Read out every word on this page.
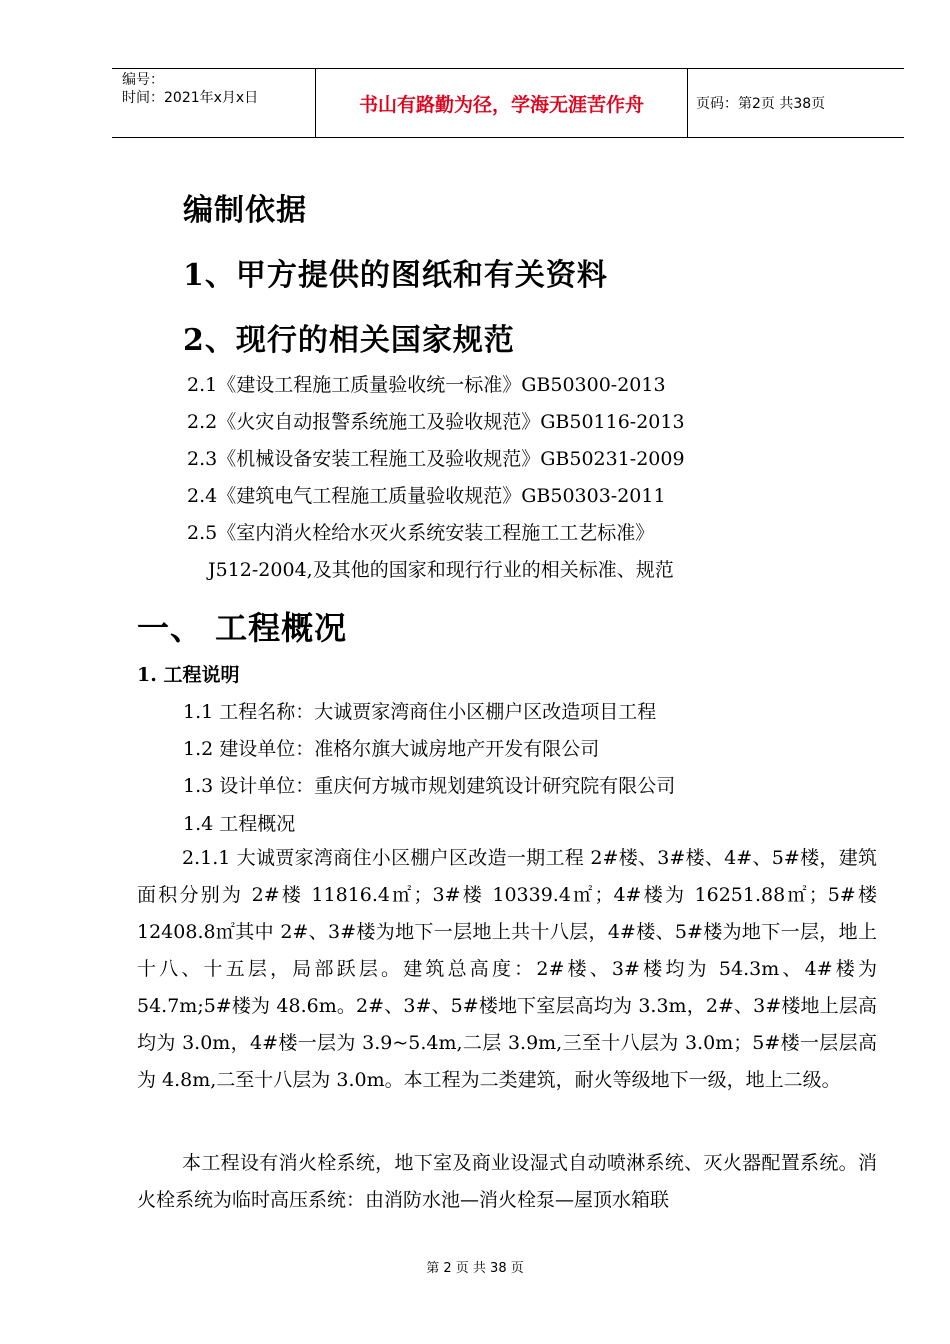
编号：
时间：2021年x月x日	书山有路勤为径，学海无涯苦作舟	页码：第2页 共38页
编制依据
1、甲方提供的图纸和有关资料
2、现行的相关国家规范
2.1《建设工程施工质量验收统一标准》GB50300-2013
2.2《火灾自动报警系统施工及验收规范》GB50116-2013
2.3《机械设备安装工程施工及验收规范》GB50231-2009
2.4《建筑电气工程施工质量验收规范》GB50303-2011
2.5《室内消火栓给水灭火系统安装工程施工工艺标准》
J512-2004,及其他的国家和现行行业的相关标准、规范
一、 工程概况
1. 工程说明
1.1 工程名称：大诚贾家湾商住小区棚户区改造项目工程
1.2 建设单位：准格尔旗大诚房地产开发有限公司
1.3 设计单位：重庆何方城市规划建筑设计研究院有限公司
1.4 工程概况

2.1.1 大诚贾家湾商住小区棚户区改造一期工程 2#楼、3#楼、4#、5#楼，建筑面积分别为 2#楼 11816.4㎡；3#楼 10339.4㎡；4#楼为 16251.88㎡；5#楼 12408.8㎡其中 2#、3#楼为地下一层地上共十八层，4#楼、5#楼为地下一层，地上十八、十五层，局部跃层。建筑总高度：2#楼、3#楼均为 54.3m、4#楼为 54.7m;5#楼为 48.6m。2#、3#、5#楼地下室层高均为 3.3m，2#、3#楼地上层高均为 3.0m，4#楼一层为 3.9~5.4m,二层 3.9m,三至十八层为 3.0m；5#楼一层层高为 4.8m,二至十八层为 3.0m。本工程为二类建筑，耐火等级地下一级，地上二级。

本工程设有消火栓系统，地下室及商业设湿式自动喷淋系统、灭火器配置系统。消火栓系统为临时高压系统：由消防水池—消火栓泵—屋顶水箱联

第 2 页 共 38 页
